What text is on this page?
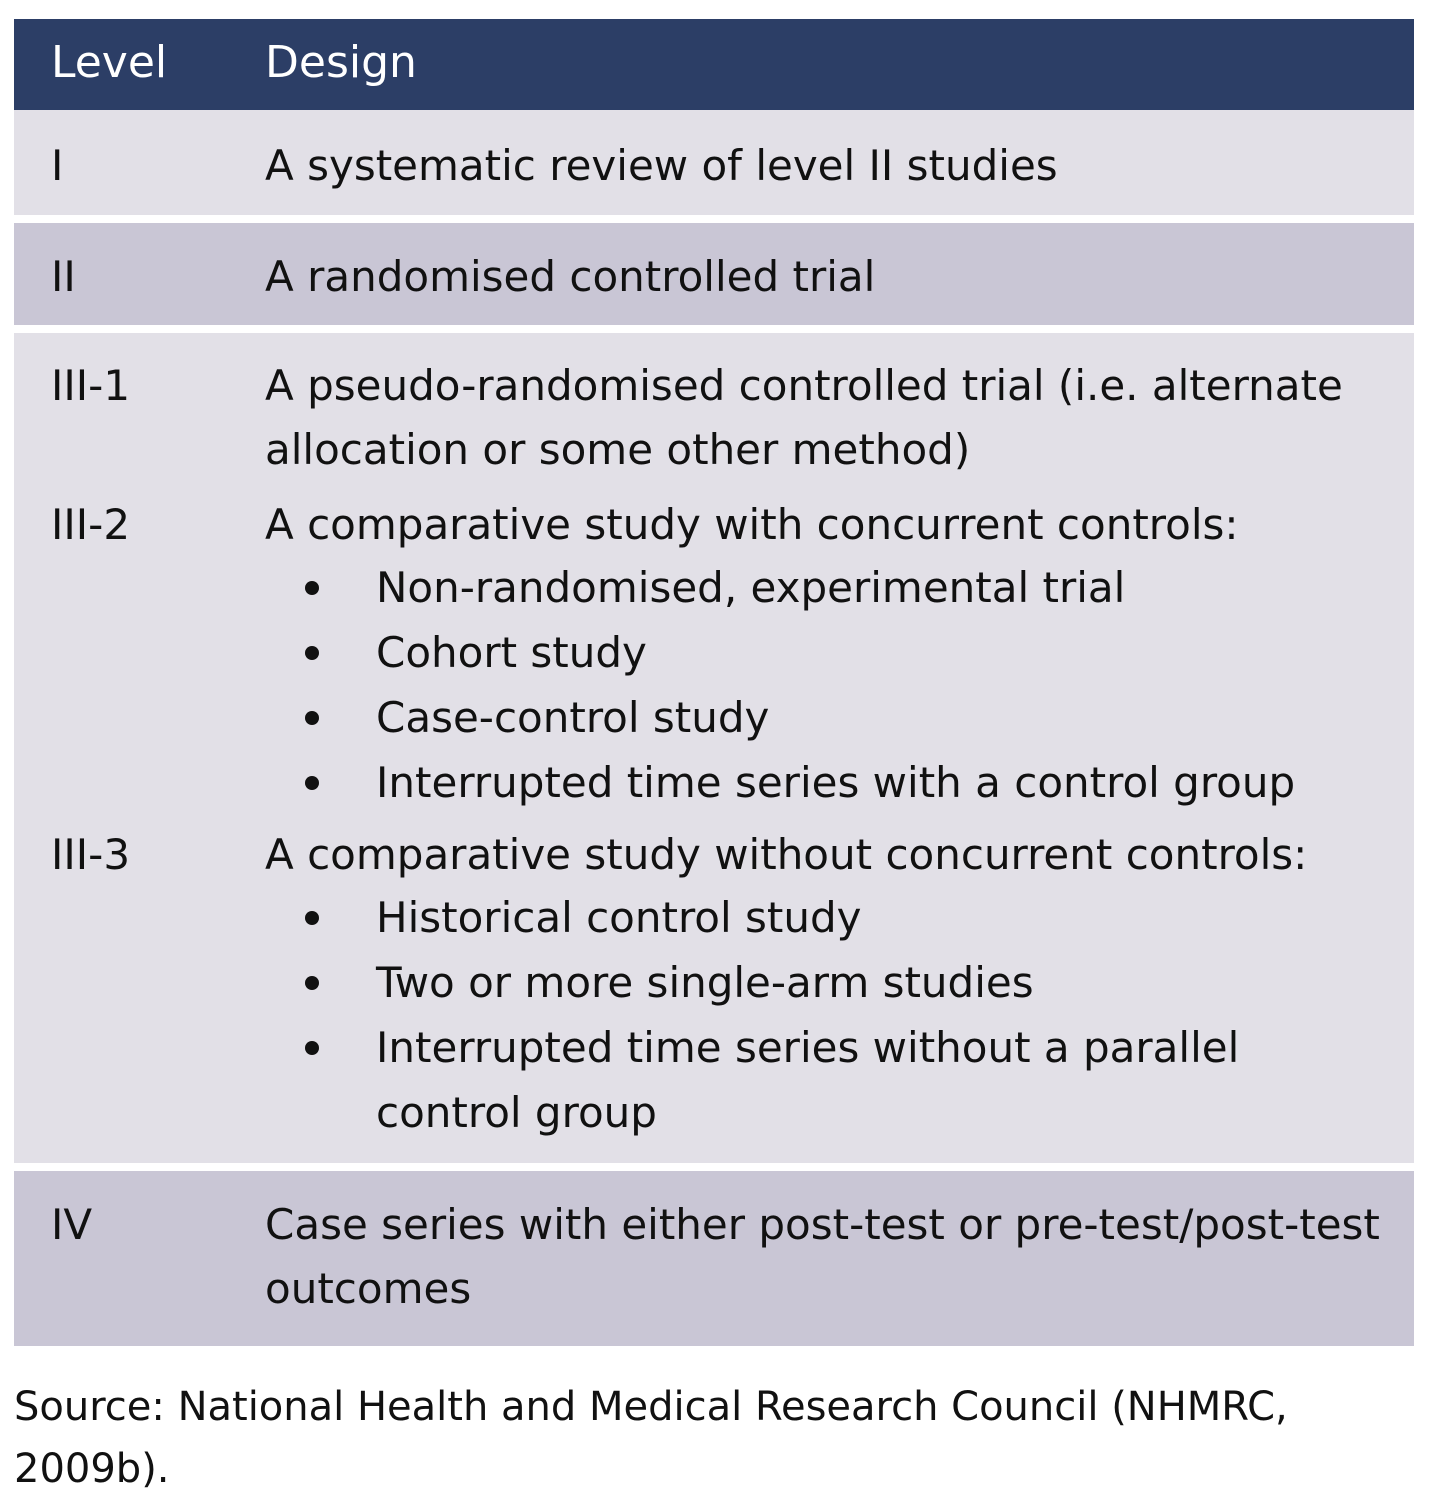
Level Design
I	A systematic review of level II studies
II	A randomised controlled trial
III-1	A pseudo-randomised controlled trial (i.e. alternate allocation or some other method)
III-2	A comparative study with concurrent controls:
Non-randomised, experimental trial
Cohort study
Case-control study
Interrupted time series with a control group
III-3	A comparative study without concurrent controls:
Historical control study
Two or more single-arm studies
Interrupted time series without a parallel control group
IV	Case series with either post-test or pre-test/post-test outcomes
Source: National Health and Medical Research Council (NHMRC, 2009b).
